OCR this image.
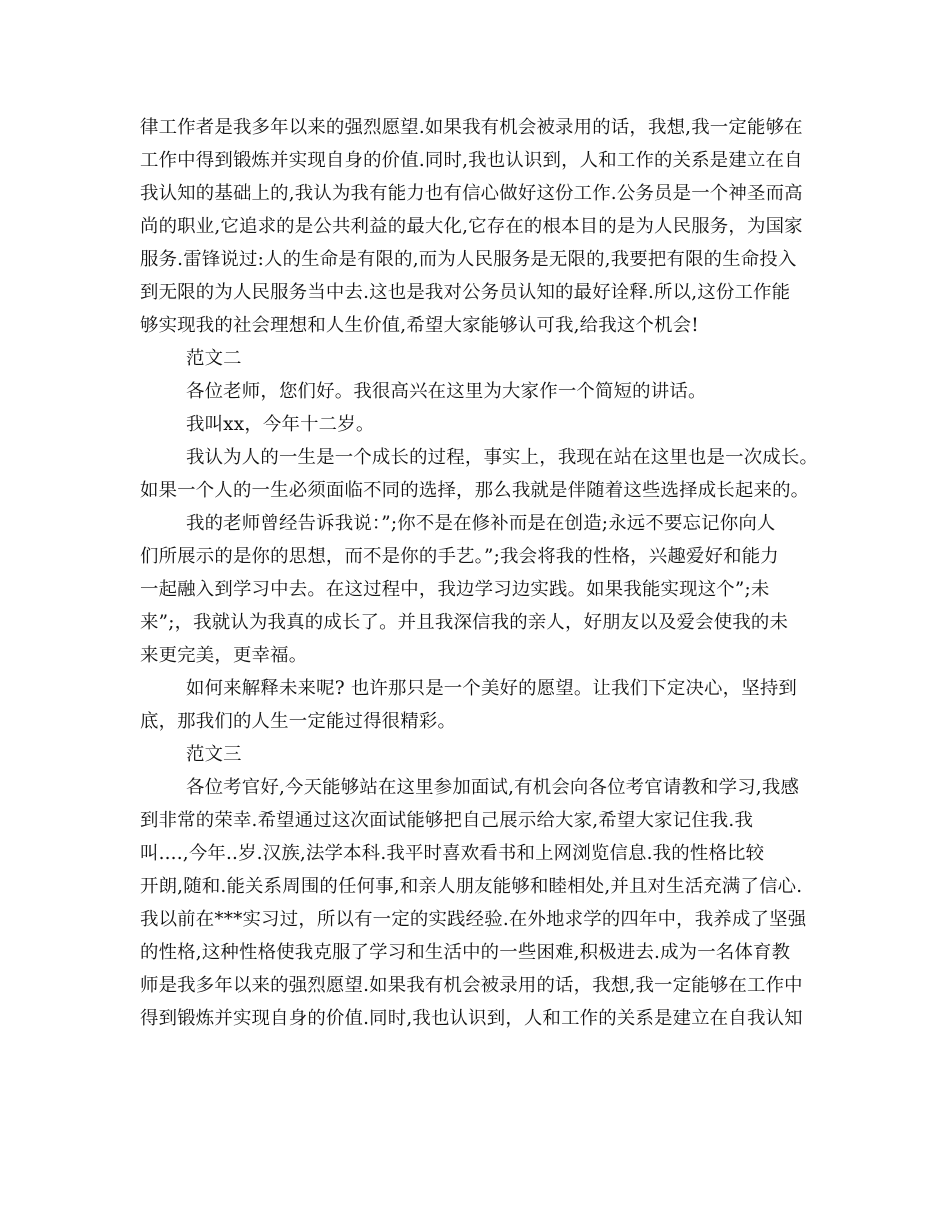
律工作者是我多年以来的强烈愿望.如果我有机会被录用的话，我想,我一定能够在
工作中得到锻炼并实现自身的价值.同时,我也认识到，人和工作的关系是建立在自
我认知的基础上的,我认为我有能力也有信心做好这份工作.公务员是一个神圣而高
尚的职业,它追求的是公共利益的最大化,它存在的根本目的是为人民服务，为国家
服务.雷锋说过:人的生命是有限的,而为人民服务是无限的,我要把有限的生命投入
到无限的为人民服务当中去.这也是我对公务员认知的最好诠释.所以,这份工作能
够实现我的社会理想和人生价值,希望大家能够认可我,给我这个机会!
范文二
各位老师，您们好。我很高兴在这里为大家作一个简短的讲话。
我叫xx，今年十二岁。
我认为人的一生是一个成长的过程，事实上，我现在站在这里也是一次成长。
如果一个人的一生必须面临不同的选择，那么我就是伴随着这些选择成长起来的。
我的老师曾经告诉我说：”;你不是在修补而是在创造;永远不要忘记你向人
们所展示的是你的思想，而不是你的手艺。”;我会将我的性格，兴趣爱好和能力
一起融入到学习中去。在这过程中，我边学习边实践。如果我能实现这个”;未
来”;，我就认为我真的成长了。并且我深信我的亲人，好朋友以及爱会使我的未
来更完美，更幸福。
如何来解释未来呢? 也许那只是一个美好的愿望。让我们下定决心，坚持到
底，那我们的人生一定能过得很精彩。
范文三
各位考官好,今天能够站在这里参加面试,有机会向各位考官请教和学习,我感
到非常的荣幸.希望通过这次面试能够把自己展示给大家,希望大家记住我.我
叫....,今年..岁.汉族,法学本科.我平时喜欢看书和上网浏览信息.我的性格比较
开朗,随和.能关系周围的任何事,和亲人朋友能够和睦相处,并且对生活充满了信心.
我以前在***实习过，所以有一定的实践经验.在外地求学的四年中，我养成了坚强
的性格,这种性格使我克服了学习和生活中的一些困难,积极进去.成为一名体育教
师是我多年以来的强烈愿望.如果我有机会被录用的话，我想,我一定能够在工作中
得到锻炼并实现自身的价值.同时,我也认识到，人和工作的关系是建立在自我认知
